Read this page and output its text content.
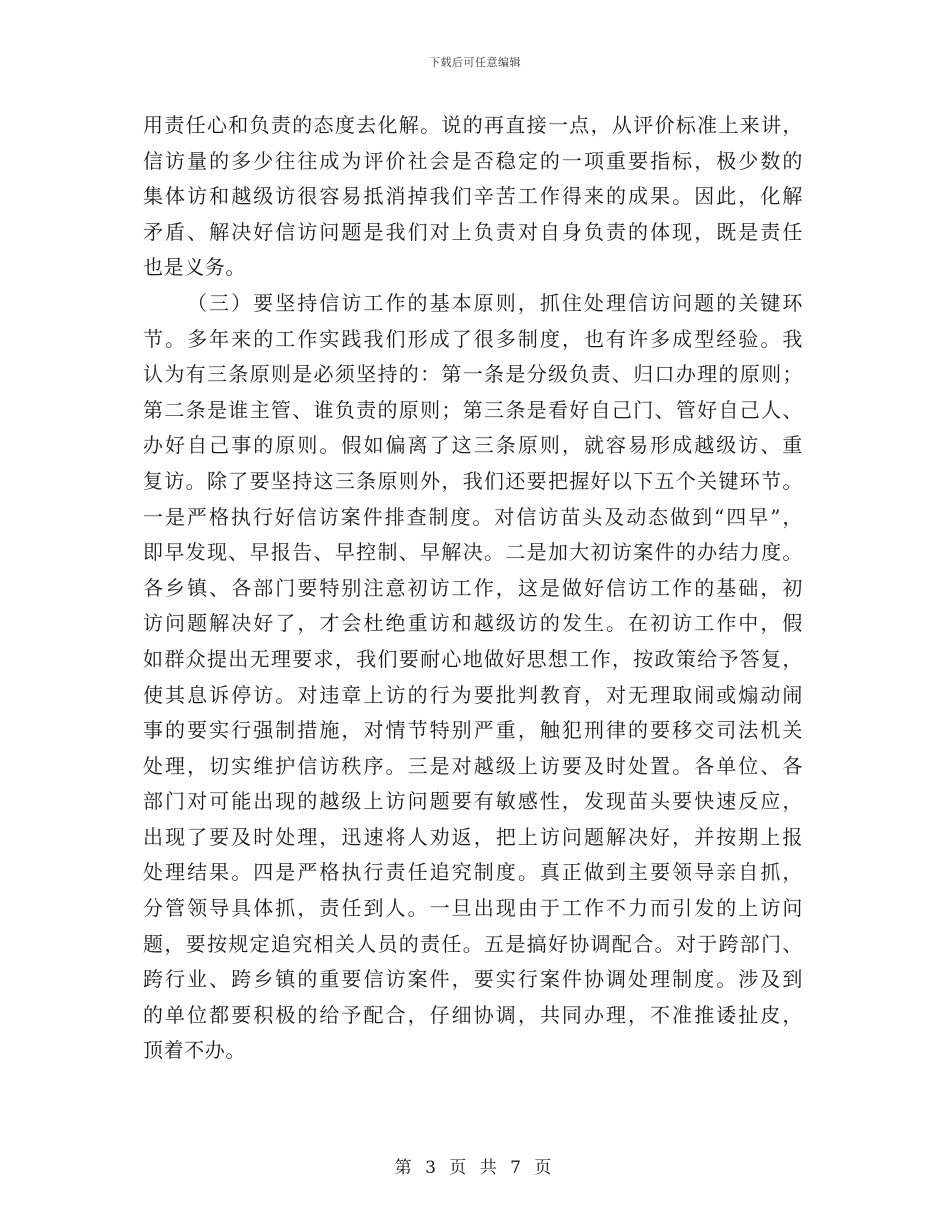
下载后可任意编辑
用责任心和负责的态度去化解。说的再直接一点，从评价标准上来讲，
信访量的多少往往成为评价社会是否稳定的一项重要指标，极少数的
集体访和越级访很容易抵消掉我们辛苦工作得来的成果。因此，化解
矛盾、解决好信访问题是我们对上负责对自身负责的体现，既是责任
也是义务。
（三）要坚持信访工作的基本原则，抓住处理信访问题的关键环
节。多年来的工作实践我们形成了很多制度，也有许多成型经验。我
认为有三条原则是必须坚持的：第一条是分级负责、归口办理的原则；
第二条是谁主管、谁负责的原则；第三条是看好自己门、管好自己人、
办好自己事的原则。假如偏离了这三条原则，就容易形成越级访、重
复访。除了要坚持这三条原则外，我们还要把握好以下五个关键环节。
一是严格执行好信访案件排查制度。对信访苗头及动态做到“四早”，
即早发现、早报告、早控制、早解决。二是加大初访案件的办结力度。
各乡镇、各部门要特别注意初访工作，这是做好信访工作的基础，初
访问题解决好了，才会杜绝重访和越级访的发生。在初访工作中，假
如群众提出无理要求，我们要耐心地做好思想工作，按政策给予答复，
使其息诉停访。对违章上访的行为要批判教育，对无理取闹或煽动闹
事的要实行强制措施，对情节特别严重，触犯刑律的要移交司法机关
处理，切实维护信访秩序。三是对越级上访要及时处置。各单位、各
部门对可能出现的越级上访问题要有敏感性，发现苗头要快速反应，
出现了要及时处理，迅速将人劝返，把上访问题解决好，并按期上报
处理结果。四是严格执行责任追究制度。真正做到主要领导亲自抓，
分管领导具体抓，责任到人。一旦出现由于工作不力而引发的上访问
题，要按规定追究相关人员的责任。五是搞好协调配合。对于跨部门、
跨行业、跨乡镇的重要信访案件，要实行案件协调处理制度。涉及到
的单位都要积极的给予配合，仔细协调，共同办理，不准推诿扯皮，
顶着不办。
第 3 页 共 7 页
